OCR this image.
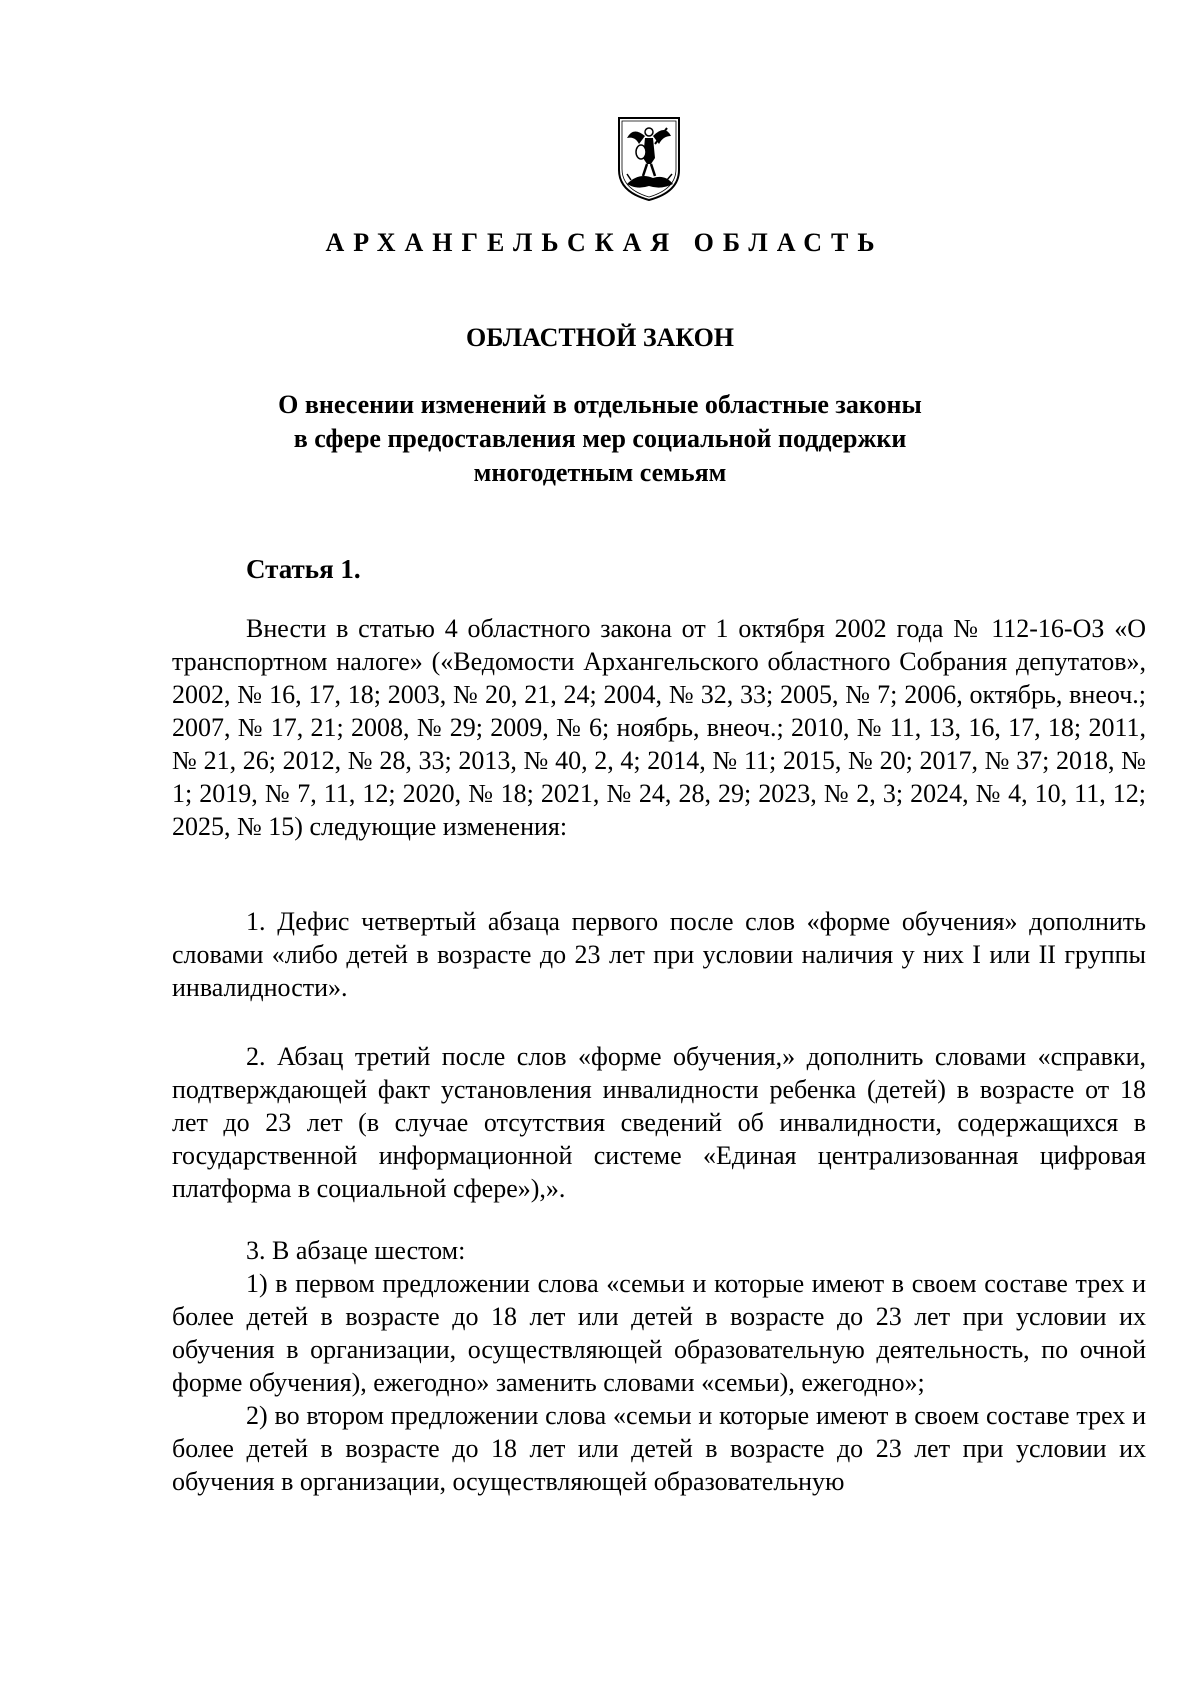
АРХАНГЕЛЬСКАЯ ОБЛАСТЬ
ОБЛАСТНОЙ ЗАКОН
О внесении изменений в отдельные областные законы
в сфере предоставления мер социальной поддержки
многодетным семьям
Статья 1.

Внести в статью 4 областного закона от 1 октября 2002 года № 112-16-ОЗ «О транспортном налоге» («Ведомости Архангельского областного Собрания депутатов», 2002, № 16, 17, 18; 2003, № 20, 21, 24; 2004, № 32, 33; 2005, № 7; 2006, октябрь, внеоч.; 2007, № 17, 21; 2008, № 29; 2009, № 6; ноябрь, внеоч.; 2010, № 11, 13, 16, 17, 18; 2011, № 21, 26; 2012, № 28, 33; 2013, № 40, 2, 4; 2014, № 11; 2015, № 20; 2017, № 37; 2018, № 1; 2019, № 7, 11, 12; 2020, № 18; 2021, № 24, 28, 29; 2023, № 2, 3; 2024, № 4, 10, 11, 12; 2025, № 15) следующие изменения:

1. Дефис четвертый абзаца первого после слов «форме обучения» дополнить словами «либо детей в возрасте до 23 лет при условии наличия у них I или II группы инвалидности».

2. Абзац третий после слов «форме обучения,» дополнить словами «справки, подтверждающей факт установления инвалидности ребенка (детей) в возрасте от 18 лет до 23 лет (в случае отсутствия сведений об инвалидности, содержащихся в государственной информационной системе «Единая централизованная цифровая платформа в социальной сфере»),».

3. В абзаце шестом:

1) в первом предложении слова «семьи и которые имеют в своем составе трех и более детей в возрасте до 18 лет или детей в возрасте до 23 лет при условии их обучения в организации, осуществляющей образовательную деятельность, по очной форме обучения), ежегодно» заменить словами «семьи), ежегодно»;

2) во втором предложении слова «семьи и которые имеют в своем составе трех и более детей в возрасте до 18 лет или детей в возрасте до 23 лет при условии их обучения в организации, осуществляющей образовательную
